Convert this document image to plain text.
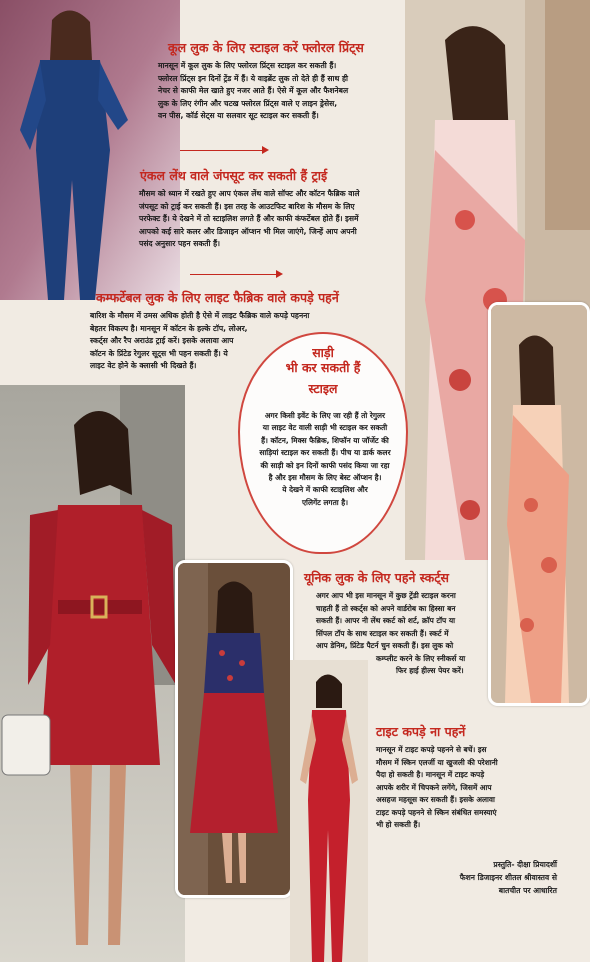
कूल लुक के लिए स्टाइल करें फ्लोरल प्रिंट्स
मानसून में कूल लुक के लिए फ्लोरल प्रिंट्स स्टाइल कर सकती हैं।
फ्लोरल प्रिंट्स इन दिनों ट्रेंड में हैं। ये वाइब्रेंट लुक तो देते ही हैं साथ ही
नेचर से काफी मेल खाते हुए नजर आते हैं। ऐसे में कूल और फैशनेबल
लुक के लिए रंगीन और चटख फ्लोरल प्रिंट्स वाले ए लाइन ड्रेसेस,
वन पीस, कॉर्ड सेट्स या सलवार सूट स्टाइल कर सकती हैं।
एंकल लेंथ वाले जंपसूट कर सकती हैं ट्राई
मौसम को ध्यान में रखते हुए आप एंकल लेंथ वाले सॉफ्ट और कॉटन फैब्रिक वाले
जंपसूट को ट्राई कर सकती हैं। इस तरह के आउटफिट बारिश के मौसम के लिए
परफेक्ट हैं। ये देखने में तो स्टाइलिश लगते हैं और काफी कंफर्टेबल होते हैं। इसमें
आपको कई सारे कलर और डिजाइन ऑप्शन भी मिल जाएंगे, जिन्हें आप अपनी
पसंद अनुसार पहन सकती हैं।
कम्फर्टेबल लुक के लिए लाइट फैब्रिक वाले कपड़े पहनें
बारिश के मौसम में उमस अधिक होती है ऐसे में लाइट फैब्रिक वाले कपड़े पहनना
बेहतर विकल्प है। मानसून में कॉटन के हल्के टॉप, लोअर,
स्कर्ट्स और रैप अराउंड ट्राई करें। इसके अलावा आप
कॉटन के प्रिंटेड रेगुलर सूट्स भी पहन सकती हैं। ये
लाइट वेट होने के क्लासी भी दिखते हैं।
साड़ी
भी कर सकती हैं
स्टाइल
अगर किसी इवेंट के लिए जा रही हैं तो रेगुलर
या लाइट वेट वाली साड़ी भी स्टाइल कर सकती
हैं। कॉटन, मिक्स फैब्रिक, शिफॉन या जॉर्जेट की
साड़ियां स्टाइल कर सकती हैं। पीच या डार्क कलर
की साड़ी को इन दिनों काफी पसंद किया जा रहा
है और इस मौसम के लिए बेस्ट ऑप्शन है।
ये देखने में काफी स्टाइलिश और
एलिगेंट लगता है।
यूनिक लुक के लिए पहने स्कर्ट्स
अगर आप भी इस मानसून में कुछ ट्रेंडी स्टाइल करना
चाहती हैं तो स्कर्ट्स को अपने वार्डरोब का हिस्सा बन
सकती हैं। आपर नी लेंथ स्कर्ट को शर्ट, क्रॉप टॉप या
सिंपल टॉप के साथ स्टाइल कर सकती हैं। स्कर्ट में
आप डेनिम, प्रिंटेड पैटर्न चुन सकती हैं। इस लुक को
कम्प्लीट करने के लिए स्नीकर्स या
फिर हाई हील्स पेयर करें।
टाइट कपड़े ना पहनें
मानसून में टाइट कपड़े पहनने से बचें। इस
मौसम में स्किन एलर्जी या खुजली की परेशानी
पैदा हो सकती है। मानसून में टाइट कपड़े
आपके शरीर में चिपकने लगेंगे, जिसमें आप
असहज महसूस कर सकती हैं। इसके अलावा
टाइट कपड़े पहनने से स्किन संबंधित समस्याएं
भी हो सकती हैं।
प्रस्तुति- दीक्षा प्रियादर्शी
फैशन डिजाइनर शीतल श्रीवास्तव से
बातचीत पर आधारित
